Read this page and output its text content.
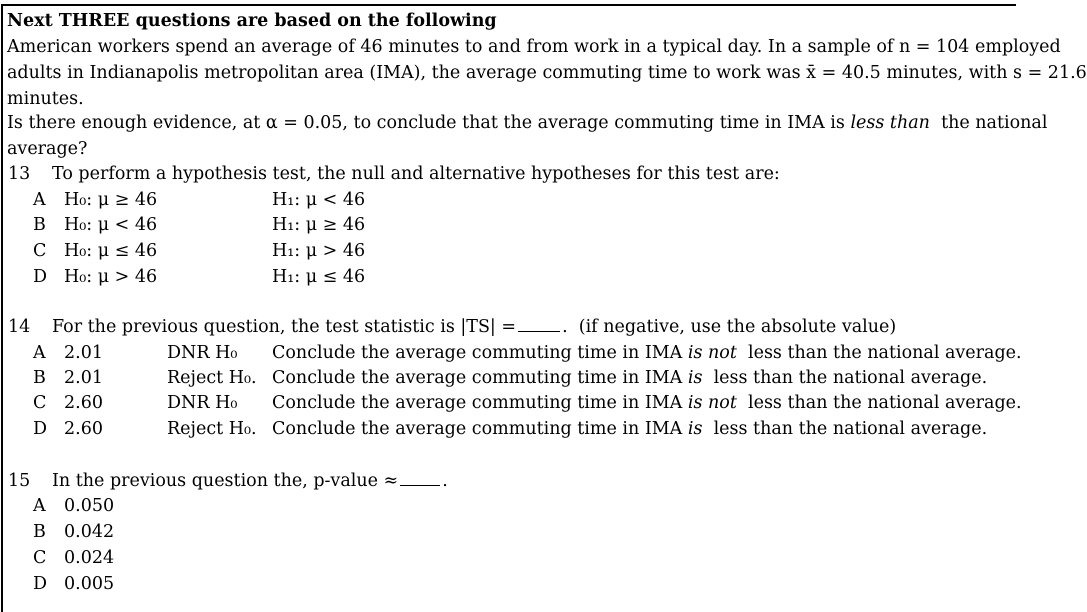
Next THREE questions are based on the following
American workers spend an average of 46 minutes to and from work in a typical day. In a sample of n = 104 employed
adults in Indianapolis metropolitan area (IMA), the average commuting time to work was x̄ = 40.5 minutes, with s = 21.6
minutes.
Is there enough evidence, at α = 0.05, to conclude that the average commuting time in IMA is less than  the national
average?
13 To perform a hypothesis test, the null and alternative hypotheses for this test are:
A H₀: μ ≥ 46	H₁: μ < 46
B H₀: μ < 46	H₁: μ ≥ 46
C H₀: μ ≤ 46	H₁: μ > 46
D H₀: μ > 46	H₁: μ ≤ 46
14 For the previous question, the test statistic is |TS| =	.  (if negative, use the absolute value)
A 2.01	DNR H₀ Conclude the average commuting time in IMA is not  less than the national average.
B 2.01	Reject H₀. Conclude the average commuting time in IMA is  less than the national average.
C 2.60	DNR H₀ Conclude the average commuting time in IMA is not  less than the national average.
D 2.60	Reject H₀. Conclude the average commuting time in IMA is  less than the national average.
15 In the previous question the, p-value ≈	.
A 0.050
B 0.042
C 0.024
D 0.005
